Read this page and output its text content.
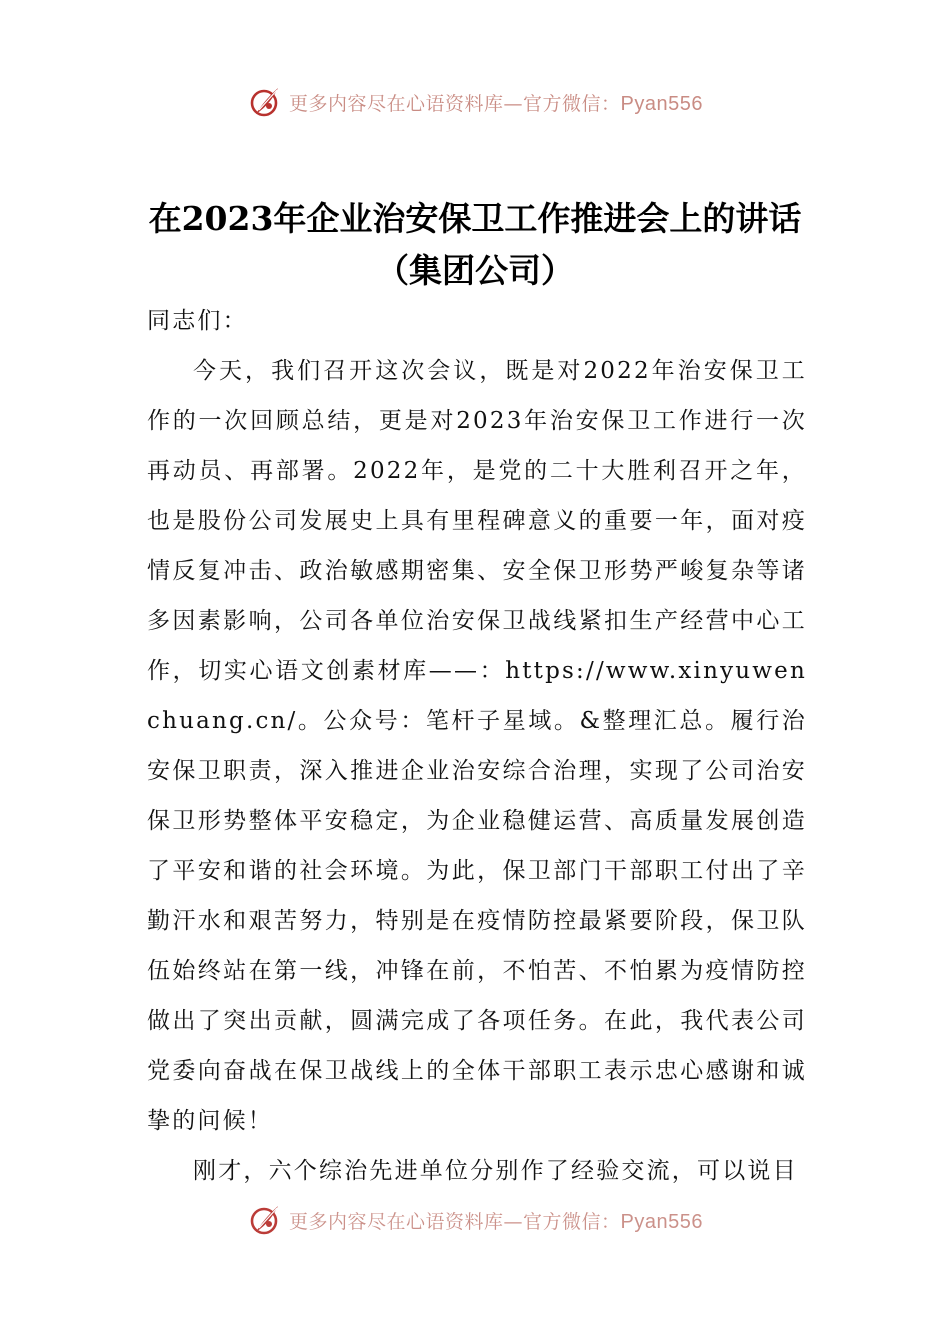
更多内容尽在心语资料库—官方微信：Pyan556
在2023年企业治安保卫工作推进会上的讲话（集团公司）

同志们：

今天，我们召开这次会议，既是对2022年治安保卫工作的一次回顾总结，更是对2023年治安保卫工作进行一次再动员、再部署。2022年，是党的二十大胜利召开之年，也是股份公司发展史上具有里程碑意义的重要一年，面对疫情反复冲击、政治敏感期密集、安全保卫形势严峻复杂等诸多因素影响，公司各单位治安保卫战线紧扣生产经营中心工作，切实心语文创素材库——：https://www.xinyuwenchuang.cn/。公众号：笔杆子星域。&整理汇总。履行治安保卫职责，深入推进企业治安综合治理，实现了公司治安保卫形势整体平安稳定，为企业稳健运营、高质量发展创造了平安和谐的社会环境。为此，保卫部门干部职工付出了辛勤汗水和艰苦努力，特别是在疫情防控最紧要阶段，保卫队伍始终站在第一线，冲锋在前，不怕苦、不怕累为疫情防控做出了突出贡献，圆满完成了各项任务。在此，我代表公司党委向奋战在保卫战线上的全体干部职工表示忠心感谢和诚挚的问候！

刚才，六个综治先进单位分别作了经验交流，可以说目

更多内容尽在心语资料库—官方微信：Pyan556
